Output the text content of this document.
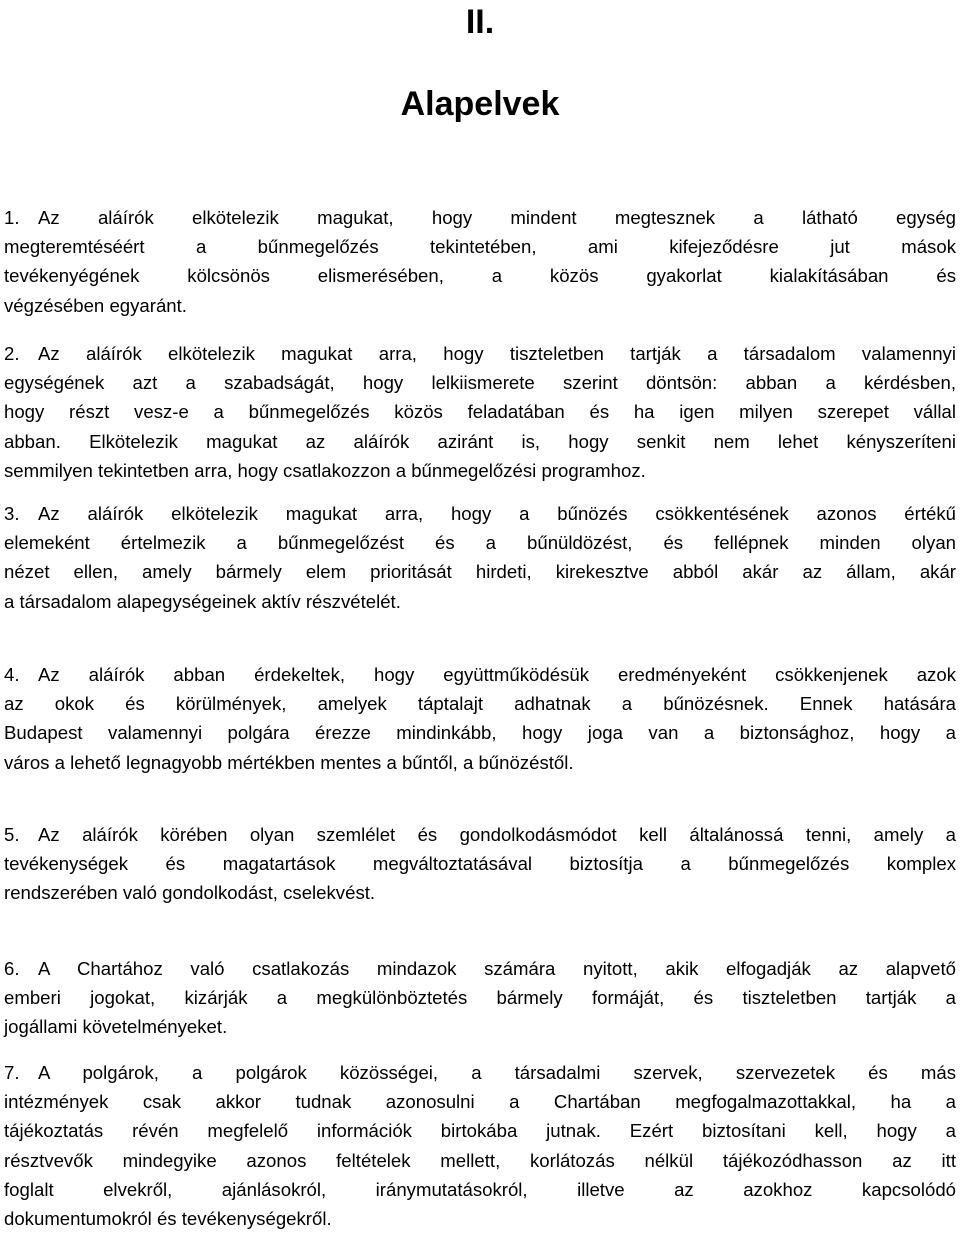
II.
Alapelvek
1. Az aláírók elkötelezik magukat, hogy mindent megtesznek a látható egység
megteremtéséért a bűnmegelőzés tekintetében, ami kifejeződésre jut mások
tevékenyégének kölcsönös elismerésében, a közös gyakorlat kialakításában és
végzésében egyaránt.
2. Az aláírók elkötelezik magukat arra, hogy tiszteletben tartják a társadalom valamennyi
egységének azt a szabadságát, hogy lelkiismerete szerint döntsön: abban a kérdésben,
hogy részt vesz-e a bűnmegelőzés közös feladatában és ha igen milyen szerepet vállal
abban. Elkötelezik magukat az aláírók aziránt is, hogy senkit nem lehet kényszeríteni
semmilyen tekintetben arra, hogy csatlakozzon a bűnmegelőzési programhoz.
3. Az aláírók elkötelezik magukat arra, hogy a bűnözés csökkentésének azonos értékű
elemeként értelmezik a bűnmegelőzést és a bűnüldözést, és fellépnek minden olyan
nézet ellen, amely bármely elem prioritását hirdeti, kirekesztve abból akár az állam, akár
a társadalom alapegységeinek aktív részvételét.
4. Az aláírók abban érdekeltek, hogy együttműködésük eredményeként csökkenjenek azok
az okok és körülmények, amelyek táptalajt adhatnak a bűnözésnek. Ennek hatására
Budapest valamennyi polgára érezze mindinkább, hogy joga van a biztonsághoz, hogy a
város a lehető legnagyobb mértékben mentes a bűntől, a bűnözéstől.
5. Az aláírók körében olyan szemlélet és gondolkodásmódot kell általánossá tenni, amely a
tevékenységek és magatartások megváltoztatásával biztosítja a bűnmegelőzés komplex
rendszerében való gondolkodást, cselekvést.
6. A Chartához való csatlakozás mindazok számára nyitott, akik elfogadják az alapvető
emberi jogokat, kizárják a megkülönböztetés bármely formáját, és tiszteletben tartják a
jogállami követelményeket.
7. A polgárok, a polgárok közösségei, a társadalmi szervek, szervezetek és más
intézmények csak akkor tudnak azonosulni a Chartában megfogalmazottakkal, ha a
tájékoztatás révén megfelelő információk birtokába jutnak. Ezért biztosítani kell, hogy a
résztvevők mindegyike azonos feltételek mellett, korlátozás nélkül tájékozódhasson az itt
foglalt elvekről, ajánlásokról, iránymutatásokról, illetve az azokhoz kapcsolódó
dokumentumokról és tevékenységekről.
